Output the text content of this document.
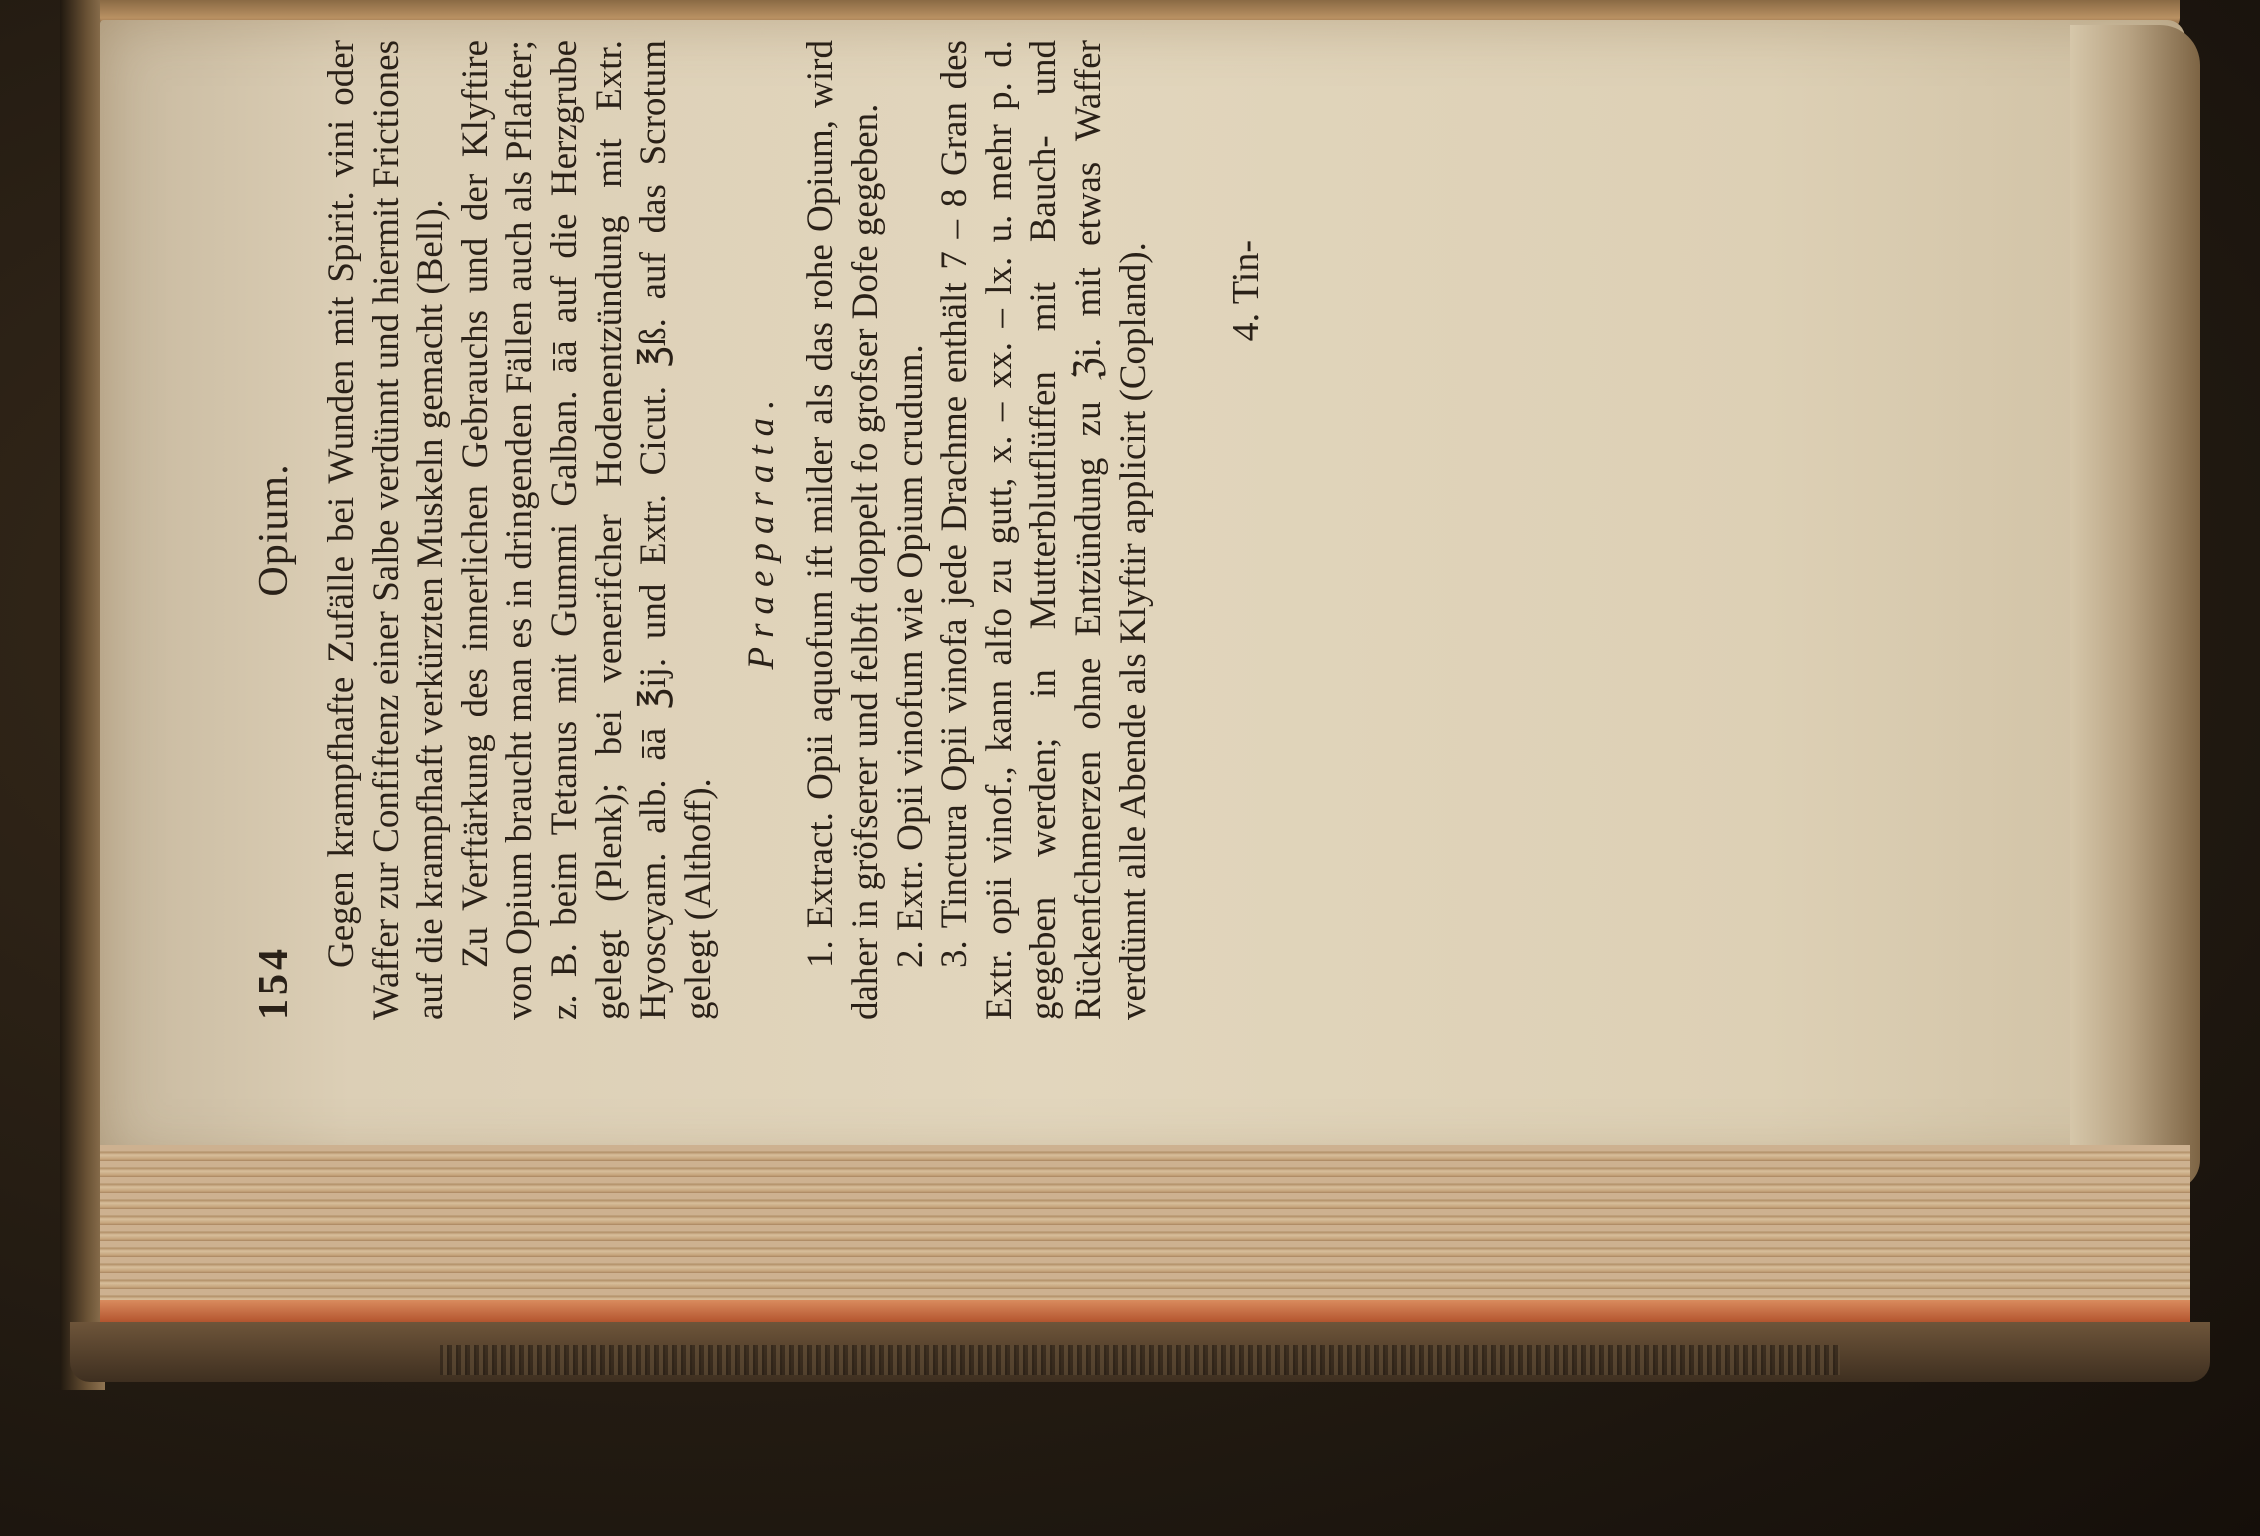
154
Opium. Gegen krampfhafte Zufälle bei Wunden mit Spirit. vini oder Waffer zur Confiftenz einer Salbe verdünnt und hiermit Frictiones auf die krampfhaft verkürzten Muskeln gemacht (Bell). Zu Verftärkung des innerlichen Gebrauchs und der Klyftire von Opium braucht man es in dringenden Fällen auch als Pflafter; z. B. beim Tetanus mit Gummi Galban. āā auf die Herzgrube gelegt (Plenk); bei venerifcher Hodenentzündung mit Extr. Hyoscyam. alb. āā ℥ij. und Extr. Cicut. ℥ß. auf das Scrotum gelegt (Althoff).

Praeparata. 1. Extract. Opii aquofum ift milder als das rohe Opium, wird daher in gröfserer und felbft doppelt fo grofser Dofe gegeben. 2. Extr. Opii vinofum wie Opium crudum. 3. Tinctura Opii vinofa jede Drachme enthält 7 – 8 Gran des Extr. opii vinof., kann alfo zu gutt, x. – xx. – lx. u. mehr p. d. gegeben werden; in Mutterblutflüffen mit Bauch- und Rückenfchmerzen ohne Entzündung zu ℨi. mit etwas Waffer verdünnt alle Abende als Klyftir applicirt (Copland). 4. Tin-
